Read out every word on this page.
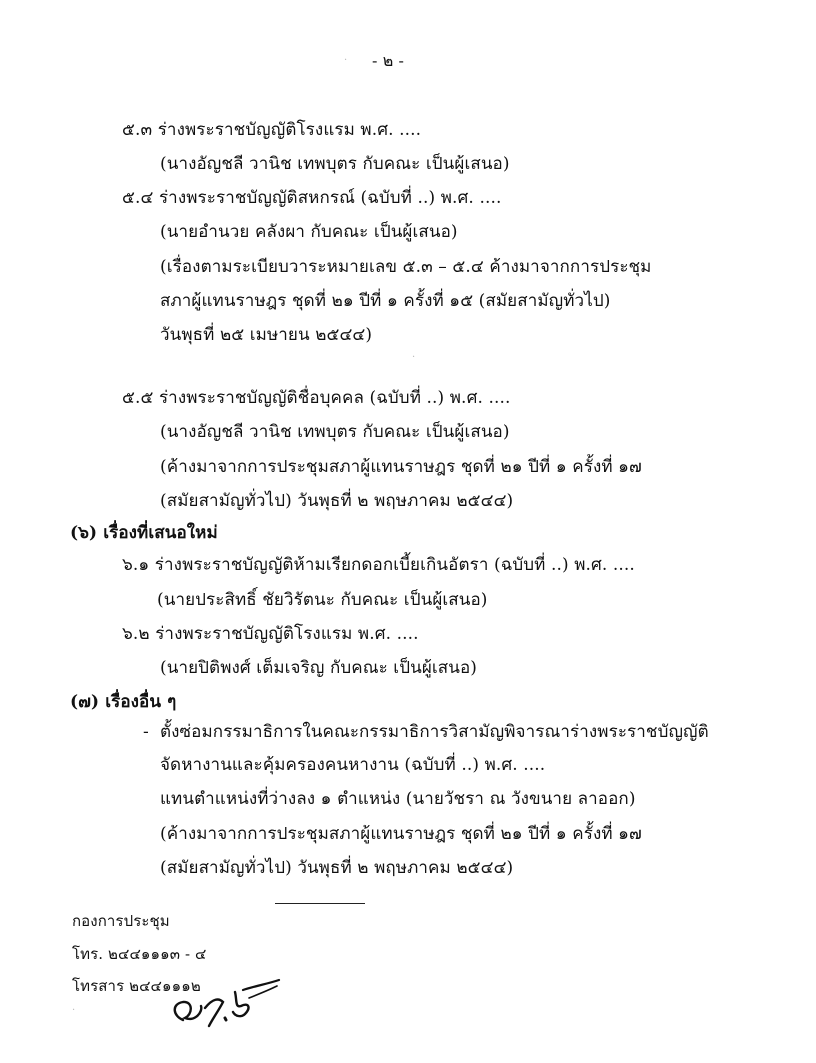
- ๒ -
๕.๓ ร่างพระราชบัญญัติโรงแรม พ.ศ. ....
(นางอัญชลี วานิช เทพบุตร กับคณะ เป็นผู้เสนอ)
๕.๔ ร่างพระราชบัญญัติสหกรณ์ (ฉบับที่ ..) พ.ศ. ....
(นายอำนวย คลังผา กับคณะ เป็นผู้เสนอ)
(เรื่องตามระเบียบวาระหมายเลข ๕.๓ – ๕.๔ ค้างมาจากการประชุม
สภาผู้แทนราษฎร ชุดที่ ๒๑ ปีที่ ๑ ครั้งที่ ๑๕ (สมัยสามัญทั่วไป)
วันพุธที่ ๒๕ เมษายน ๒๕๔๔)
๕.๕ ร่างพระราชบัญญัติชื่อบุคคล (ฉบับที่ ..) พ.ศ. ....
(นางอัญชลี วานิช เทพบุตร กับคณะ เป็นผู้เสนอ)
(ค้างมาจากการประชุมสภาผู้แทนราษฎร ชุดที่ ๒๑ ปีที่ ๑ ครั้งที่ ๑๗
(สมัยสามัญทั่วไป) วันพุธที่ ๒ พฤษภาคม ๒๕๔๔)
(๖) เรื่องที่เสนอใหม่
๖.๑ ร่างพระราชบัญญัติห้ามเรียกดอกเบี้ยเกินอัตรา (ฉบับที่ ..) พ.ศ. ....
(นายประสิทธิ์ ชัยวิรัตนะ กับคณะ เป็นผู้เสนอ)
๖.๒ ร่างพระราชบัญญัติโรงแรม พ.ศ. ....
(นายปิติพงศ์ เต็มเจริญ กับคณะ เป็นผู้เสนอ)
(๗) เรื่องอื่น ๆ
- ตั้งซ่อมกรรมาธิการในคณะกรรมาธิการวิสามัญพิจารณาร่างพระราชบัญญัติ
จัดหางานและคุ้มครองคนหางาน (ฉบับที่ ..) พ.ศ. ....
แทนตำแหน่งที่ว่างลง ๑ ตำแหน่ง (นายวัชรา ณ วังขนาย ลาออก)
(ค้างมาจากการประชุมสภาผู้แทนราษฎร ชุดที่ ๒๑ ปีที่ ๑ ครั้งที่ ๑๗
(สมัยสามัญทั่วไป) วันพุธที่ ๒ พฤษภาคม ๒๕๔๔)
กองการประชุม
โทร. ๒๔๔๑๑๑๓ - ๔
โทรสาร ๒๔๔๑๑๑๒
·
·
·
